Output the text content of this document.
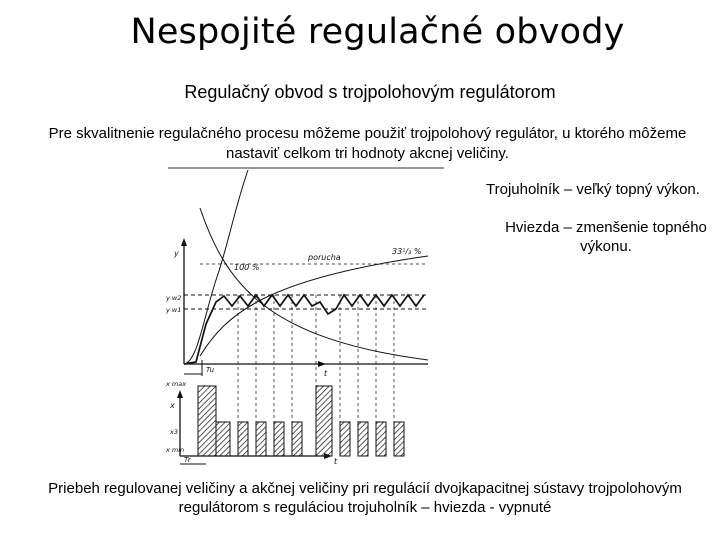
Nespojité regulačné obvody
Regulačný obvod s trojpolohovým regulátorom
Pre skvalitnenie regulačného procesu môžeme použiť trojpolohový regulátor, u ktorého môžeme nastaviť celkom tri hodnoty akcnej veličiny.
100 %
porucha
33¹/₃ %
y
y w2
y w1
Tu	t
x max
x
x3
x min
t
Tr
Trojuholník – veľký topný výkon.
Hviezda – zmenšenie topného výkonu.
Priebeh regulovanej veličiny a akčnej veličiny pri regulácií dvojkapacitnej sústavy trojpolohovým regulátorom s reguláciou trojuholník – hviezda - vypnuté
